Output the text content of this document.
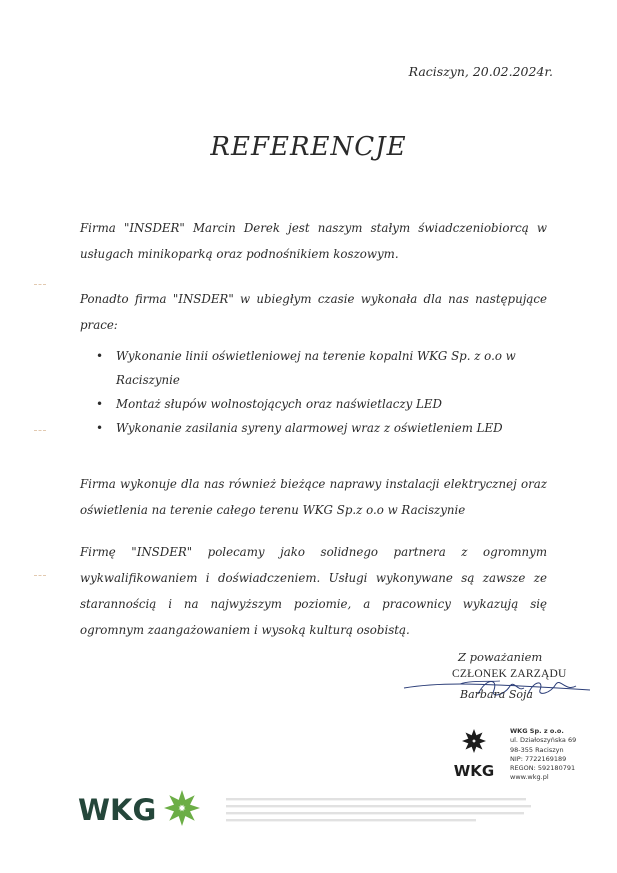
Raciszyn, 20.02.2024r.
REFERENCJE

Firma "INSDER" Marcin Derek jest naszym stałym świadczeniobiorcą w usługach minikoparką oraz podnośnikiem koszowym.

Ponadto firma "INSDER" w ubiegłym czasie wykonała dla nas następujące prace:

• Wykonanie linii oświetleniowej na terenie kopalni WKG Sp. z o.o w Raciszynie
• Montaż słupów wolnostojących oraz naświetlaczy LED
• Wykonanie zasilania syreny alarmowej wraz z oświetleniem LED

Firma wykonuje dla nas również bieżące naprawy instalacji elektrycznej oraz oświetlenia na terenie całego terenu WKG Sp.z o.o w Raciszynie

Firmę "INSDER" polecamy jako solidnego partnera z ogromnym wykwalifikowaniem i doświadczeniem. Usługi wykonywane są zawsze ze starannością i na najwyższym poziomie, a pracownicy wykazują się ogromnym zaangażowaniem i wysoką kulturą osobistą.

Z poważaniem
CZŁONEK ZARZĄDU
Barbara Soja
WKG
WKG Sp. z o.o.
ul. Działoszyńska 69
98-355 Raciszyn
NIP: 7722169189
REGON: 592180791
www.wkg.pl
WKG
